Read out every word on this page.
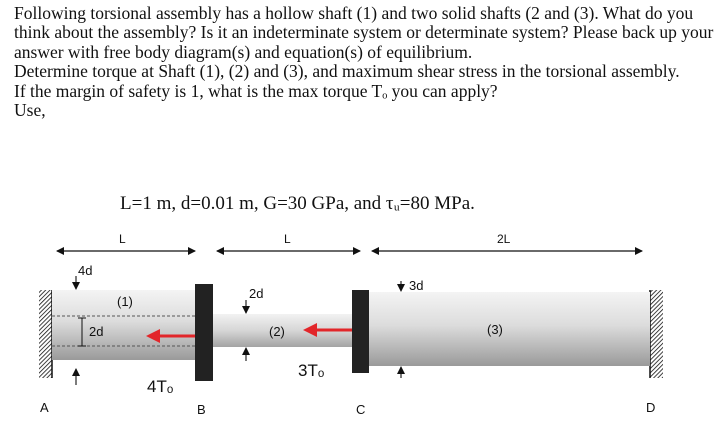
Following torsional assembly has a hollow shaft (1) and two solid shafts (2 and (3). What do you think about the assembly? Is it an indeterminate system or determinate system? Please back up your answer with free body diagram(s) and equation(s) of equilibrium.

Determine torque at Shaft (1), (2) and (3), and maximum shear stress in the torsional assembly.

If the margin of safety is 1, what is the max torque Tₒ you can apply?

Use,

L=1 m, d=0.01 m, G=30 GPa, and τᵤ=80 MPa.
L	L	2L
4d
2d
2d
3d
(1)
(2)	(3)
4Tₒ
3Tₒ
A	B	C	D
